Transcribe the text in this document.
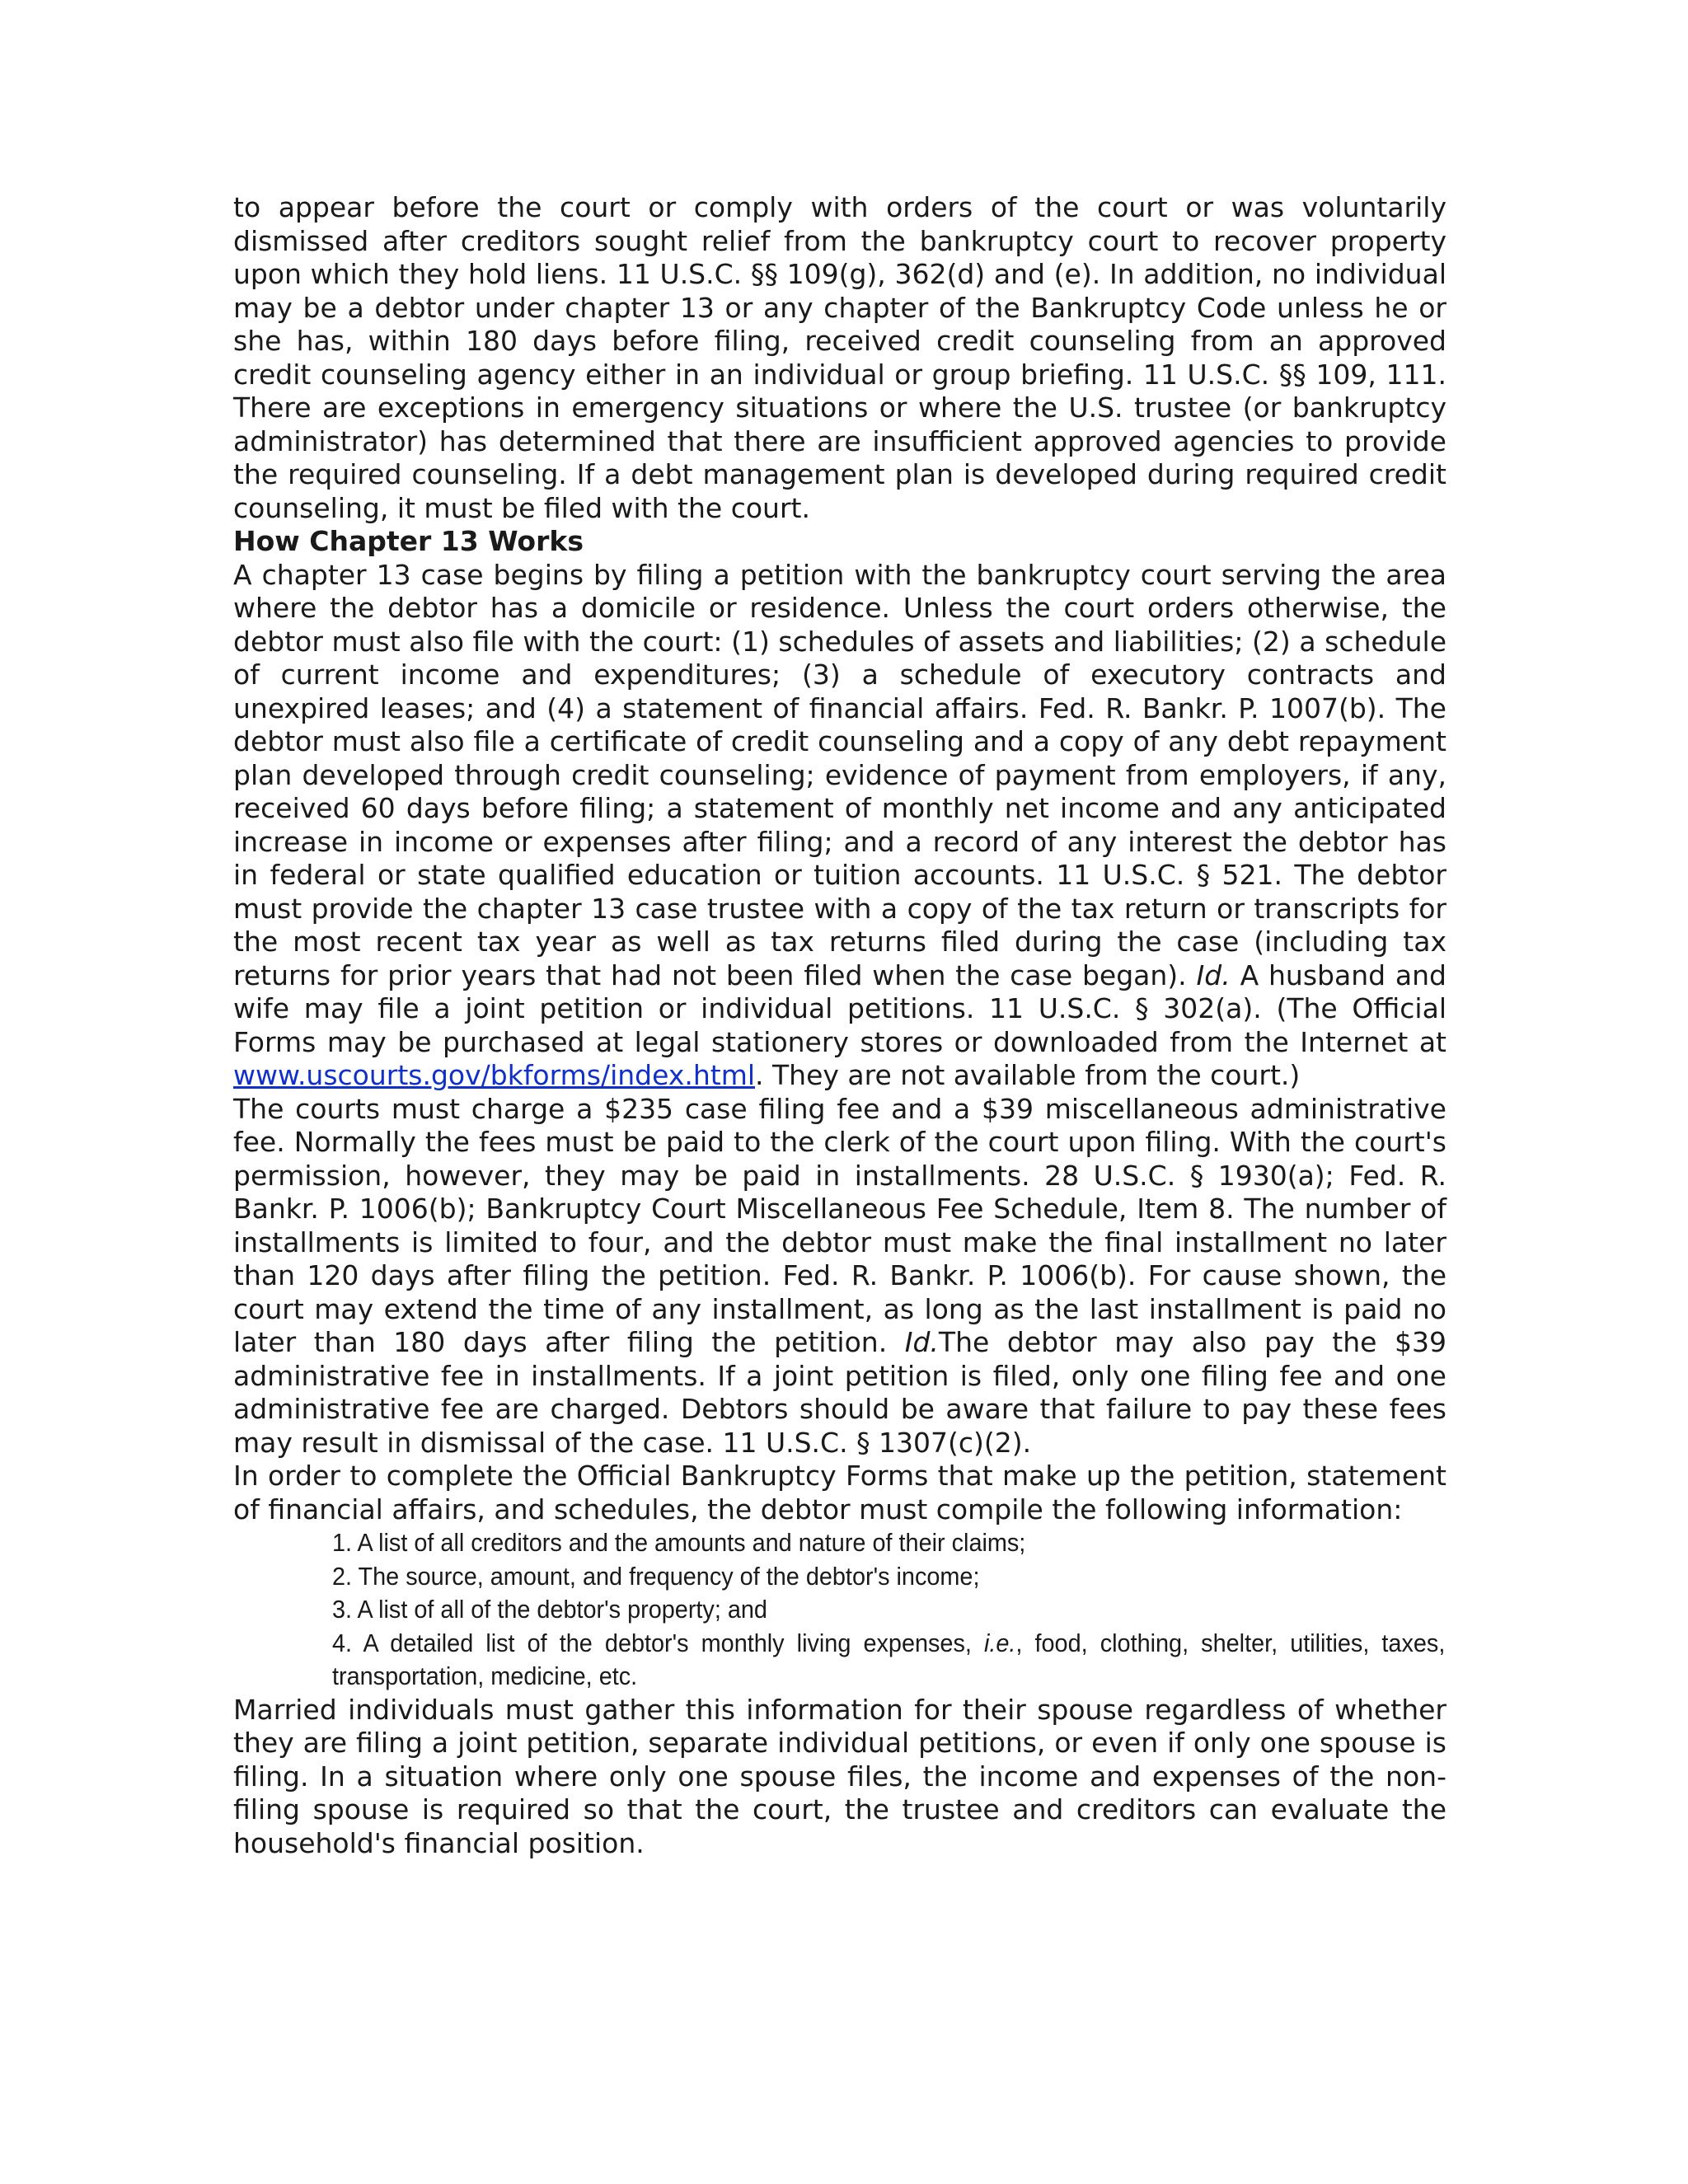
to appear before the court or comply with orders of the court or was voluntarily dismissed after creditors sought relief from the bankruptcy court to recover property upon which they hold liens. 11 U.S.C. §§ 109(g), 362(d) and (e). In addition, no individual may be a debtor under chapter 13 or any chapter of the Bankruptcy Code unless he or she has, within 180 days before filing, received credit counseling from an approved credit counseling agency either in an individual or group briefing. 11 U.S.C. §§ 109, 111. There are exceptions in emergency situations or where the U.S. trustee (or bankruptcy administrator) has determined that there are insufficient approved agencies to provide the required counseling. If a debt management plan is developed during required credit counseling, it must be filed with the court.

How Chapter 13 Works

A chapter 13 case begins by filing a petition with the bankruptcy court serving the area where the debtor has a domicile or residence. Unless the court orders otherwise, the debtor must also file with the court: (1) schedules of assets and liabilities; (2) a schedule of current income and expenditures; (3) a schedule of executory contracts and unexpired leases; and (4) a statement of financial affairs. Fed. R. Bankr. P. 1007(b). The debtor must also file a certificate of credit counseling and a copy of any debt repayment plan developed through credit counseling; evidence of payment from employers, if any, received 60 days before filing; a statement of monthly net income and any anticipated increase in income or expenses after filing; and a record of any interest the debtor has in federal or state qualified education or tuition accounts. 11 U.S.C. § 521. The debtor must provide the chapter 13 case trustee with a copy of the tax return or transcripts for the most recent tax year as well as tax returns filed during the case (including tax returns for prior years that had not been filed when the case began). Id. A husband and wife may file a joint petition or individual petitions. 11 U.S.C. § 302(a). (The Official Forms may be purchased at legal stationery stores or downloaded from the Internet at www.uscourts.gov/bkforms/index.html. They are not available from the court.)

The courts must charge a $235 case filing fee and a $39 miscellaneous administrative fee. Normally the fees must be paid to the clerk of the court upon filing. With the court's permission, however, they may be paid in installments. 28 U.S.C. § 1930(a); Fed. R. Bankr. P. 1006(b); Bankruptcy Court Miscellaneous Fee Schedule, Item 8. The number of installments is limited to four, and the debtor must make the final installment no later than 120 days after filing the petition. Fed. R. Bankr. P. 1006(b). For cause shown, the court may extend the time of any installment, as long as the last installment is paid no later than 180 days after filing the petition. Id.The debtor may also pay the $39 administrative fee in installments. If a joint petition is filed, only one filing fee and one administrative fee are charged. Debtors should be aware that failure to pay these fees may result in dismissal of the case. 11 U.S.C. § 1307(c)(2).

In order to complete the Official Bankruptcy Forms that make up the petition, statement of financial affairs, and schedules, the debtor must compile the following information:

1. A list of all creditors and the amounts and nature of their claims;
2. The source, amount, and frequency of the debtor's income;
3. A list of all of the debtor's property; and
4. A detailed list of the debtor's monthly living expenses, i.e., food, clothing, shelter, utilities, taxes, transportation, medicine, etc.

Married individuals must gather this information for their spouse regardless of whether they are filing a joint petition, separate individual petitions, or even if only one spouse is filing. In a situation where only one spouse files, the income and expenses of the non-filing spouse is required so that the court, the trustee and creditors can evaluate the household's financial position.
